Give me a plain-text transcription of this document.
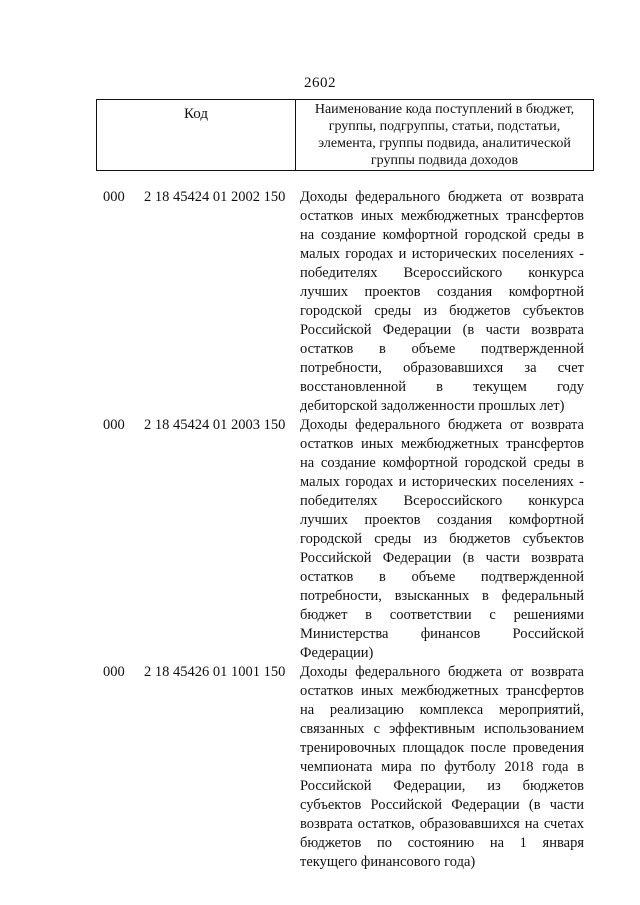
2602
Код	Наименование кода поступлений в бюджет, группы, подгруппы, статьи, подстатьи, элемента, группы подвида, аналитической группы подвида доходов
000 2 18 45424 01 2002 150 Доходы федерального бюджета от возврата остатков иных межбюджетных трансфертов на создание комфортной городской среды в малых городах и исторических поселениях - победителях Всероссийского конкурса лучших проектов создания комфортной городской среды из бюджетов субъектов Российской Федерации (в части возврата остатков в объеме подтвержденной потребности, образовавшихся за счет восстановленной в текущем году дебиторской задолженности прошлых лет)
000 2 18 45424 01 2003 150 Доходы федерального бюджета от возврата остатков иных межбюджетных трансфертов на создание комфортной городской среды в малых городах и исторических поселениях - победителях Всероссийского конкурса лучших проектов создания комфортной городской среды из бюджетов субъектов Российской Федерации (в части возврата остатков в объеме подтвержденной потребности, взысканных в федеральный бюджет в соответствии с решениями Министерства финансов Российской Федерации)
000 2 18 45426 01 1001 150 Доходы федерального бюджета от возврата остатков иных межбюджетных трансфертов на реализацию комплекса мероприятий, связанных с эффективным использованием тренировочных площадок после проведения чемпионата мира по футболу 2018 года в Российской Федерации, из бюджетов субъектов Российской Федерации (в части возврата остатков, образовавшихся на счетах бюджетов по состоянию на 1 января текущего финансового года)
